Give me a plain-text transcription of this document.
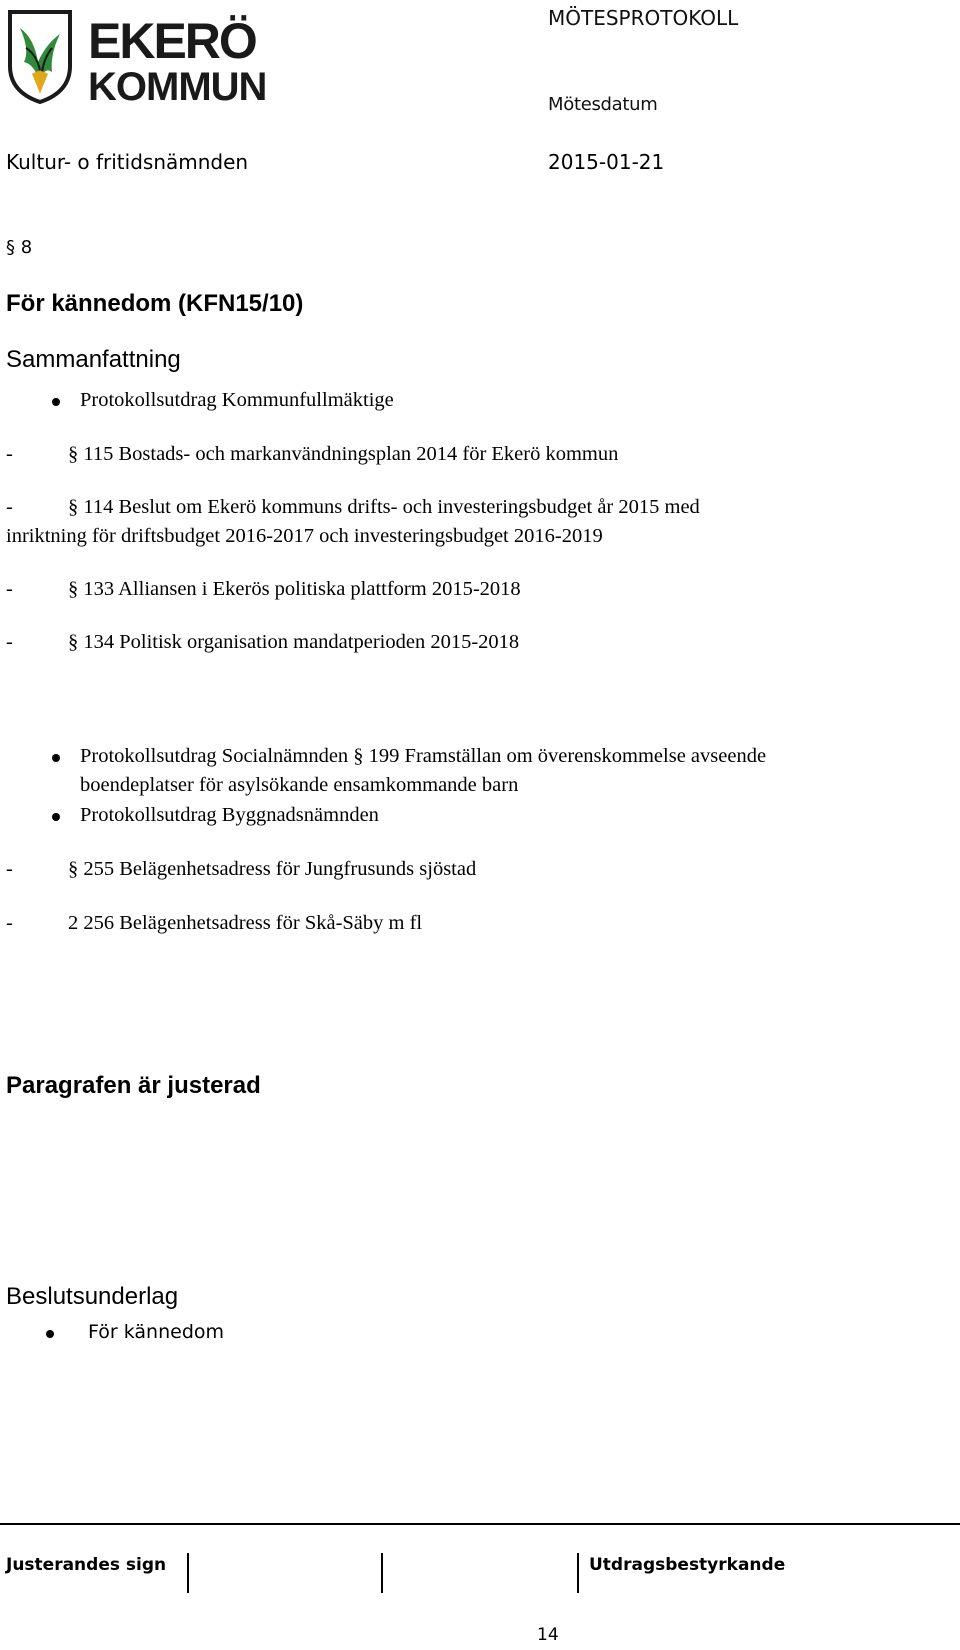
EKERÖ
KOMMUN
MÖTESPROTOKOLL
Mötesdatum
Kultur- o fritidsnämnden	2015-01-21
§ 8
För kännedom (KFN15/10)
Sammanfattning
Protokollsutdrag Kommunfullmäktige
-	§ 115 Bostads- och markanvändningsplan 2014 för Ekerö kommun
-	§ 114 Beslut om Ekerö kommuns drifts- och investeringsbudget år 2015 med
inriktning för driftsbudget 2016-2017 och investeringsbudget 2016-2019
-	§ 133 Alliansen i Ekerös politiska plattform 2015-2018
-	§ 134 Politisk organisation mandatperioden 2015-2018
Protokollsutdrag Socialnämnden § 199 Framställan om överenskommelse avseende
boendeplatser för asylsökande ensamkommande barn
Protokollsutdrag Byggnadsnämnden
-	§ 255 Belägenhetsadress för Jungfrusunds sjöstad
-	2 256 Belägenhetsadress för Skå-Säby m fl
Paragrafen är justerad
Beslutsunderlag
För kännedom
Justerandes sign	Utdragsbestyrkande
14
